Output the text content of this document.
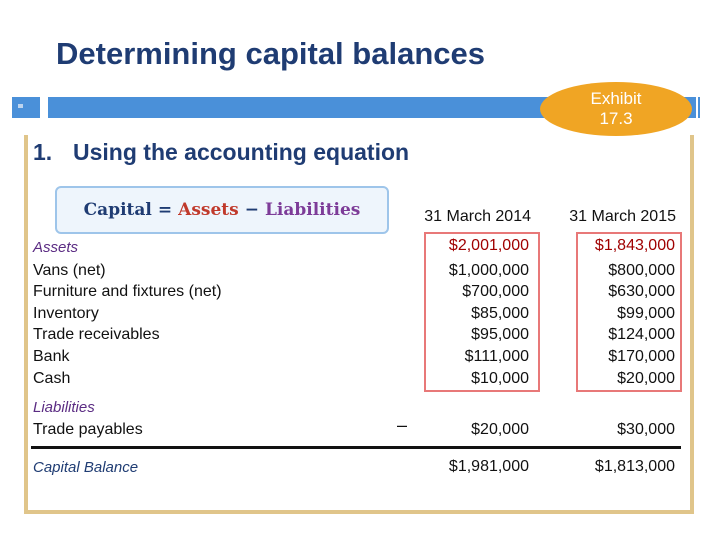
Determining capital balances
Exhibit
17.3
1. Using the accounting equation
Capital = Assets − Liabilities	31 March 2014 31 March 2015
Assets	$2,001,000	$1,843,000
Vans (net)	$1,000,000	$800,000
Furniture and fixtures (net)	$700,000	$630,000
Inventory	$85,000	$99,000
Trade receivables	$95,000	$124,000
Bank	$111,000	$170,000
Cash	$10,000	$20,000
Liabilities
Trade payables	–	$20,000	$30,000
Capital Balance	$1,981,000	$1,813,000
